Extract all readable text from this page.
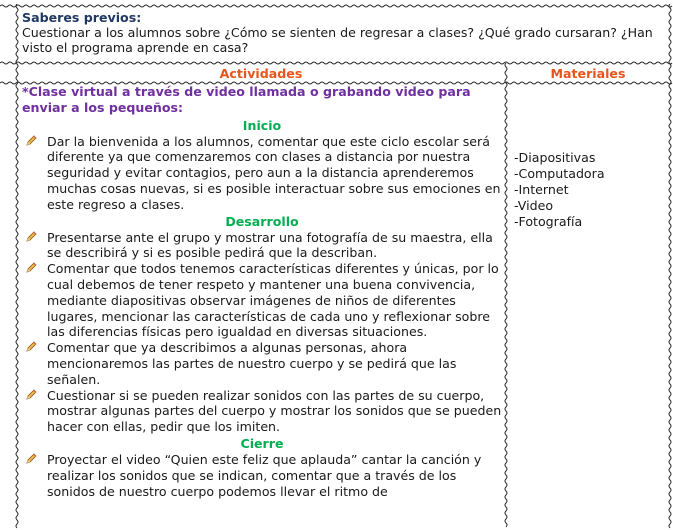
Saberes previos:
Cuestionar a los alumnos sobre ¿Cómo se sienten de regresar a clases? ¿Qué grado cursaran? ¿Han visto el programa aprende en casa?
Actividades	Materiales
*Clase virtual a través de video llamada o grabando video para enviar a los pequeños:
Inicio
Dar la bienvenida a los alumnos, comentar que este ciclo escolar será diferente ya que comenzaremos con clases a distancia por nuestra seguridad y evitar contagios, pero aun a la distancia aprenderemos muchas cosas nuevas, si es posible interactuar sobre sus emociones en este regreso a clases.
Desarrollo
Presentarse ante el grupo y mostrar una fotografía de su maestra, ella se describirá y si es posible pedirá que la describan.
Comentar que todos tenemos características diferentes y únicas, por lo cual debemos de tener respeto y mantener una buena convivencia, mediante diapositivas observar imágenes de niños de diferentes lugares, mencionar las características de cada uno y reflexionar sobre las diferencias físicas pero igualdad en diversas situaciones.
Comentar que ya describimos a algunas personas, ahora mencionaremos las partes de nuestro cuerpo y se pedirá que las señalen.
Cuestionar si se pueden realizar sonidos con las partes de su cuerpo, mostrar algunas partes del cuerpo y mostrar los sonidos que se pueden hacer con ellas, pedir que los imiten.
Cierre
Proyectar el video “Quien este feliz que aplauda” cantar la canción y realizar los sonidos que se indican, comentar que a través de los sonidos de nuestro cuerpo podemos llevar el ritmo de
-Diapositivas
-Computadora
-Internet
-Video
-Fotografía
